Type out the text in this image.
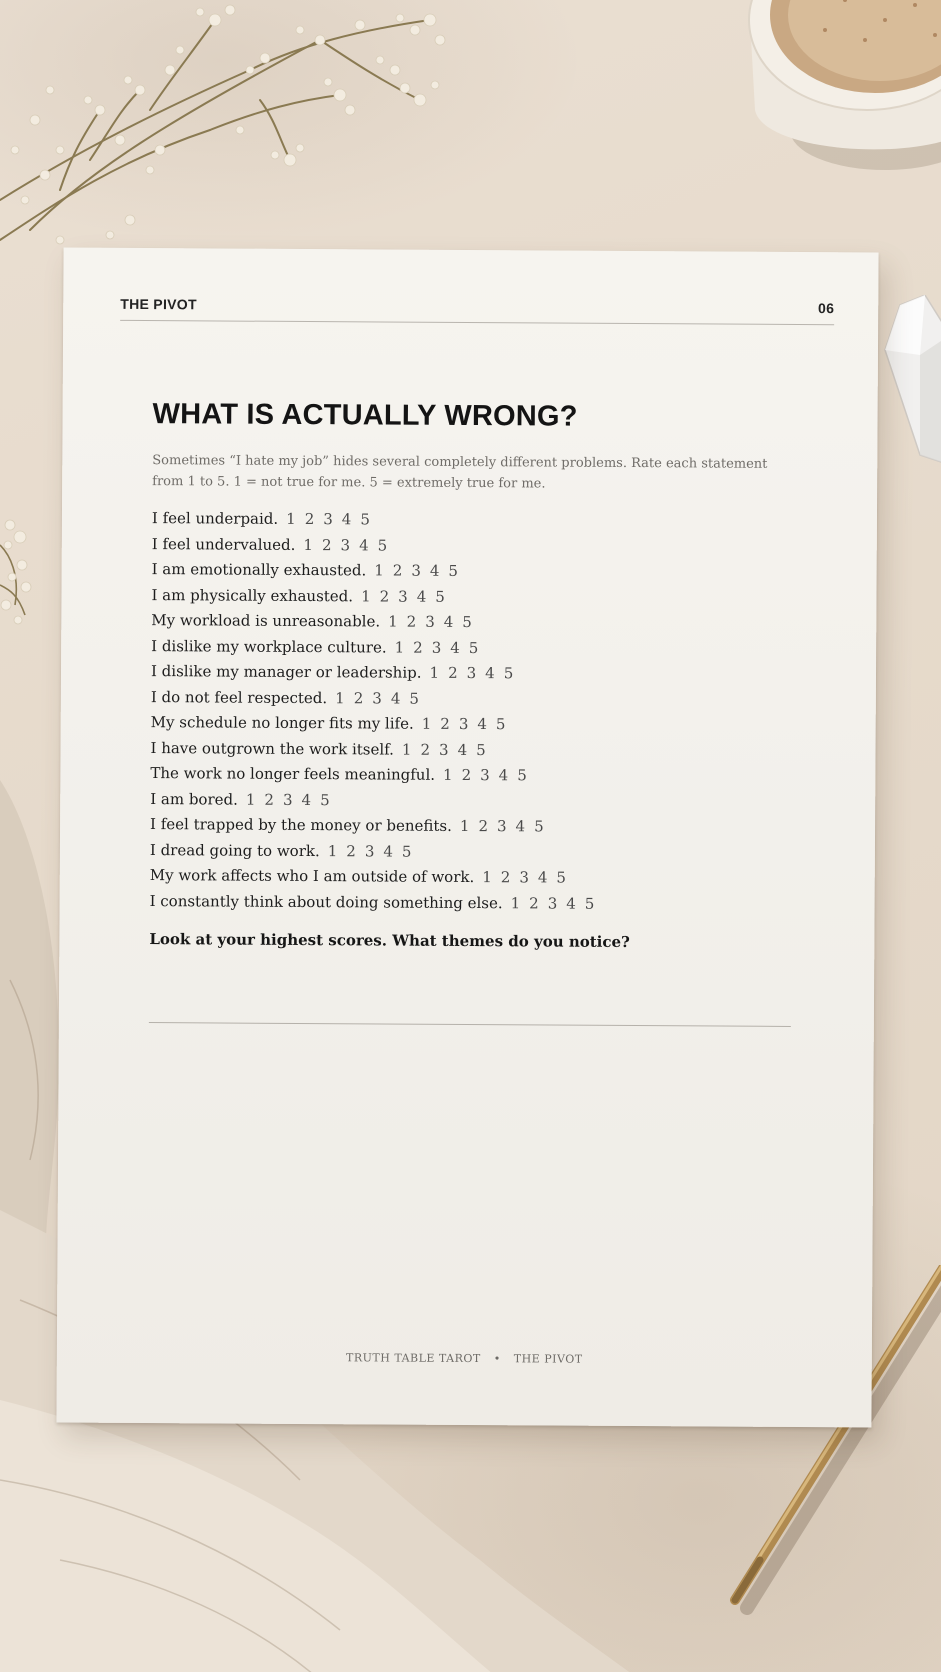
THE PIVOT	06
WHAT IS ACTUALLY WRONG?

Sometimes “I hate my job” hides several completely different problems. Rate each statement from 1 to 5. 1 = not true for me. 5 = extremely true for me.

I feel underpaid. 1 2 3 4 5
I feel undervalued. 1 2 3 4 5
I am emotionally exhausted. 1 2 3 4 5
I am physically exhausted. 1 2 3 4 5
My workload is unreasonable. 1 2 3 4 5
I dislike my workplace culture. 1 2 3 4 5
I dislike my manager or leadership. 1 2 3 4 5
I do not feel respected. 1 2 3 4 5
My schedule no longer fits my life. 1 2 3 4 5
I have outgrown the work itself. 1 2 3 4 5
The work no longer feels meaningful. 1 2 3 4 5
I am bored. 1 2 3 4 5
I feel trapped by the money or benefits. 1 2 3 4 5
I dread going to work. 1 2 3 4 5
My work affects who I am outside of work. 1 2 3 4 5
I constantly think about doing something else. 1 2 3 4 5

Look at your highest scores. What themes do you notice?

TRUTH TABLE TAROT • THE PIVOT
